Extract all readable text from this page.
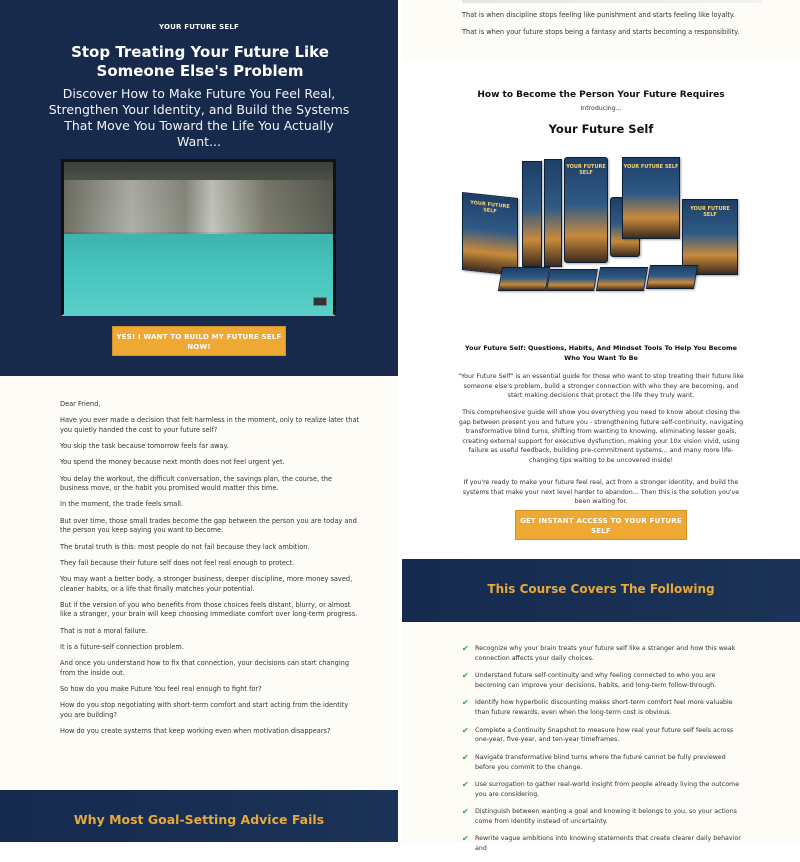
YOUR FUTURE SELF
Stop Treating Your Future Like Someone Else's Problem

Discover How to Make Future You Feel Real, Strengthen Your Identity, and Build the Systems That Move You Toward the Life You Actually Want...

YES! I WANT TO BUILD MY FUTURE SELF NOW!

Dear Friend,

Have you ever made a decision that felt harmless in the moment, only to realize later that you quietly handed the cost to your future self?

You skip the task because tomorrow feels far away.

You spend the money because next month does not feel urgent yet.

You delay the workout, the difficult conversation, the savings plan, the course, the business move, or the habit you promised would matter this time.

In the moment, the trade feels small.

But over time, those small trades become the gap between the person you are today and the person you keep saying you want to become.

The brutal truth is this: most people do not fail because they lack ambition.

They fail because their future self does not feel real enough to protect.

You may want a better body, a stronger business, deeper discipline, more money saved, cleaner habits, or a life that finally matches your potential.

But if the version of you who benefits from those choices feels distant, blurry, or almost like a stranger, your brain will keep choosing immediate comfort over long-term progress.

That is not a moral failure.

It is a future-self connection problem.

And once you understand how to fix that connection, your decisions can start changing from the inside out.

So how do you make Future You feel real enough to fight for?

How do you stop negotiating with short-term comfort and start acting from the identity you are building?

How do you create systems that keep working even when motivation disappears?

Why Most Goal-Setting Advice Fails

That is when discipline stops feeling like punishment and starts feeling like loyalty.

That is when your future stops being a fantasy and starts becoming a responsibility.

How to Become the Person Your Future Requires
Introducing...
Your Future Self
YOUR FUTURE SELF
YOUR FUTURE SELF
YOUR FUTURE SELF
YOUR FUTURE SELF

Your Future Self: Questions, Habits, And Mindset Tools To Help You Become Who You Want To Be

"Your Future Self" is an essential guide for those who want to stop treating their future like someone else's problem, build a stronger connection with who they are becoming, and start making decisions that protect the life they truly want.

This comprehensive guide will show you everything you need to know about closing the gap between present you and future you - strengthening future self-continuity, navigating transformative blind turns, shifting from wanting to knowing, eliminating lesser goals, creating external support for executive dysfunction, making your 10x vision vivid, using failure as useful feedback, building pre-commitment systems... and many more life-changing tips waiting to be uncovered inside!

If you're ready to make your future feel real, act from a stronger identity, and build the systems that make your next level harder to abandon... Then this is the solution you've been waiting for.

GET INSTANT ACCESS TO YOUR FUTURE SELF
This Course Covers The Following
✔ Recognize why your brain treats your future self like a stranger and how this weak connection affects your daily choices.
✔ Understand future self-continuity and why feeling connected to who you are becoming can improve your decisions, habits, and long-term follow-through.
✔ Identify how hyperbolic discounting makes short-term comfort feel more valuable than future rewards, even when the long-term cost is obvious.
✔ Complete a Continuity Snapshot to measure how real your future self feels across one-year, five-year, and ten-year timeframes.
✔ Navigate transformative blind turns where the future cannot be fully previewed before you commit to the change.
✔ Use surrogation to gather real-world insight from people already living the outcome you are considering.
✔ Distinguish between wanting a goal and knowing it belongs to you, so your actions come from identity instead of uncertainty.
✔ Rewrite vague ambitions into knowing statements that create clearer daily behavior and
